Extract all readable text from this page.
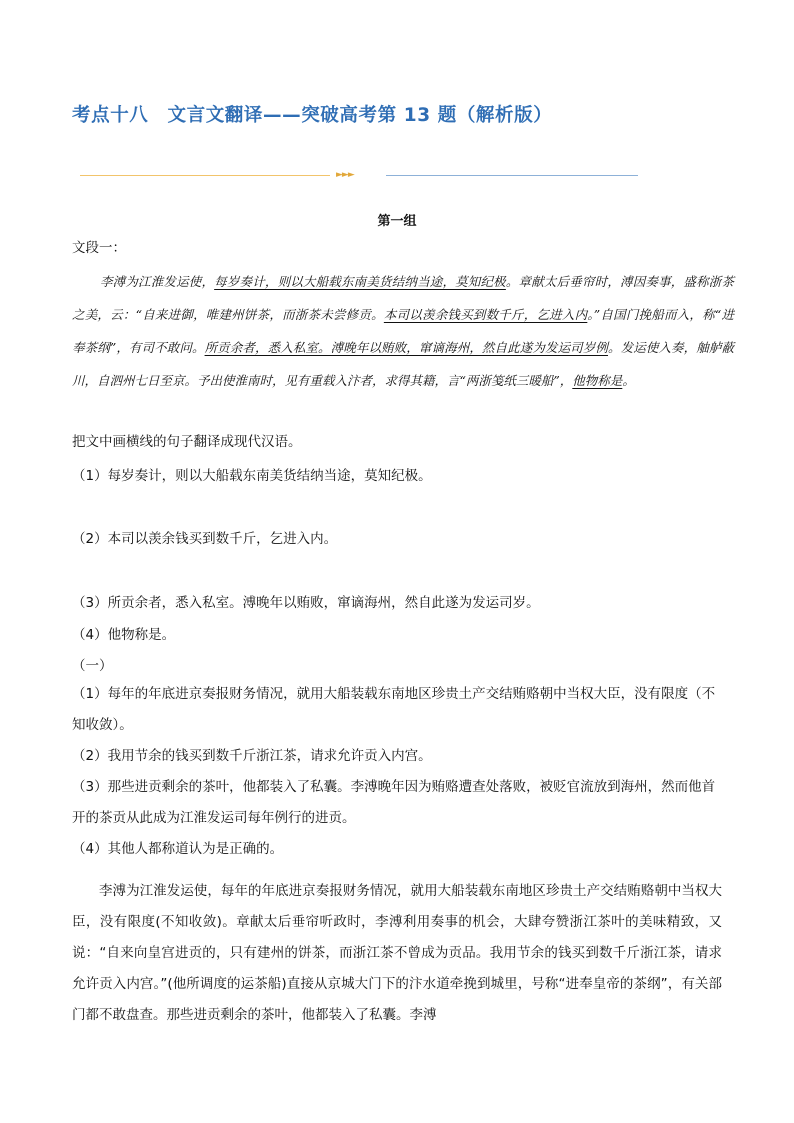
考点十八　文言文翻译——突破高考第 13 题（解析版）
►►►
第一组
文段一：
李溥为江淮发运使，每岁奏计，则以大船载东南美货结纳当途，莫知纪极。章献太后垂帘时，溥因奏事，盛称浙茶之美，云：“自来进御，唯建州饼茶，而浙茶未尝修贡。本司以羡余钱买到数千斤，乞进入内。”自国门挽船而入，称“进奉茶纲”，有司不敢问。所贡余者，悉入私室。溥晚年以贿败，窜谪海州，然自此遂为发运司岁例。发运使入奏，舳舻蔽川，自泗州七日至京。予出使淮南时，见有重载入汴者，求得其籍，言“两浙笺纸三暖船”，他物称是。
把文中画横线的句子翻译成现代汉语。
（1）每岁奏计，则以大船载东南美货结纳当途，莫知纪极。
（2）本司以羡余钱买到数千斤，乞进入内。
（3）所贡余者，悉入私室。溥晚年以贿败，窜谪海州，然自此遂为发运司岁。
（4）他物称是。
（一）
（1）每年的年底进京奏报财务情况，就用大船装载东南地区珍贵土产交结贿赂朝中当权大臣，没有限度（不知收敛）。
（2）我用节余的钱买到数千斤浙江茶，请求允许贡入内宫。
（3）那些进贡剩余的茶叶，他都装入了私囊。李溥晚年因为贿赂遭查处落败，被贬官流放到海州，然而他首开的茶贡从此成为江淮发运司每年例行的进贡。
（4）其他人都称道认为是正确的。
李溥为江淮发运使，每年的年底进京奏报财务情况，就用大船装载东南地区珍贵土产交结贿赂朝中当权大臣，没有限度(不知收敛)。章献太后垂帘听政时，李溥利用奏事的机会，大肆夸赞浙江茶叶的美味精致，又说：“自来向皇宫进贡的，只有建州的饼茶，而浙江茶不曾成为贡品。我用节余的钱买到数千斤浙江茶，请求允许贡入内宫。”(他所调度的运茶船)直接从京城大门下的汴水道牵挽到城里，号称“进奉皇帝的茶纲”，有关部门都不敢盘查。那些进贡剩余的茶叶，他都装入了私囊。李溥
